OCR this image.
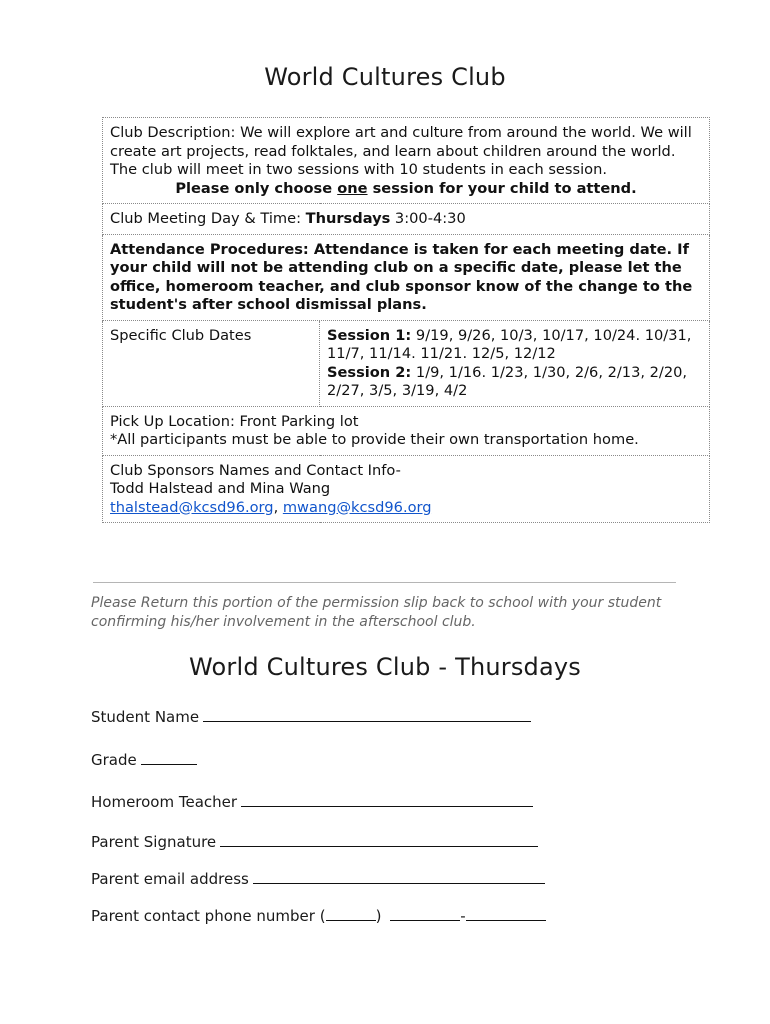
World Cultures Club
Club Description: We will explore art and culture from around the world. We will create art projects, read folktales, and learn about children around the world. The club will meet in two sessions with 10 students in each session.
Please only choose one session for your child to attend.

Club Meeting Day & Time: Thursdays 3:00-4:30
Attendance Procedures: Attendance is taken for each meeting date. If your child will not be attending club on a specific date, please let the office, homeroom teacher, and club sponsor know of the change to the student's after school dismissal plans.
Specific Club Dates	Session 1: 9/19, 9/26, 10/3, 10/17, 10/24. 10/31, 11/7, 11/14. 11/21. 12/5, 12/12
Session 2: 1/9, 1/16. 1/23, 1/30, 2/6, 2/13, 2/20, 2/27, 3/5, 3/19, 4/2

Pick Up Location: Front Parking lot
*All participants must be able to provide their own transportation home.

Club Sponsors Names and Contact Info-
Todd Halstead and Mina Wang
thalstead@kcsd96.org, mwang@kcsd96.org
Please Return this portion of the permission slip back to school with your student confirming his/her involvement in the afterschool club.
World Cultures Club - Thursdays
Student Name
Grade
Homeroom Teacher
Parent Signature
Parent email address
Parent contact phone number (	)	-
